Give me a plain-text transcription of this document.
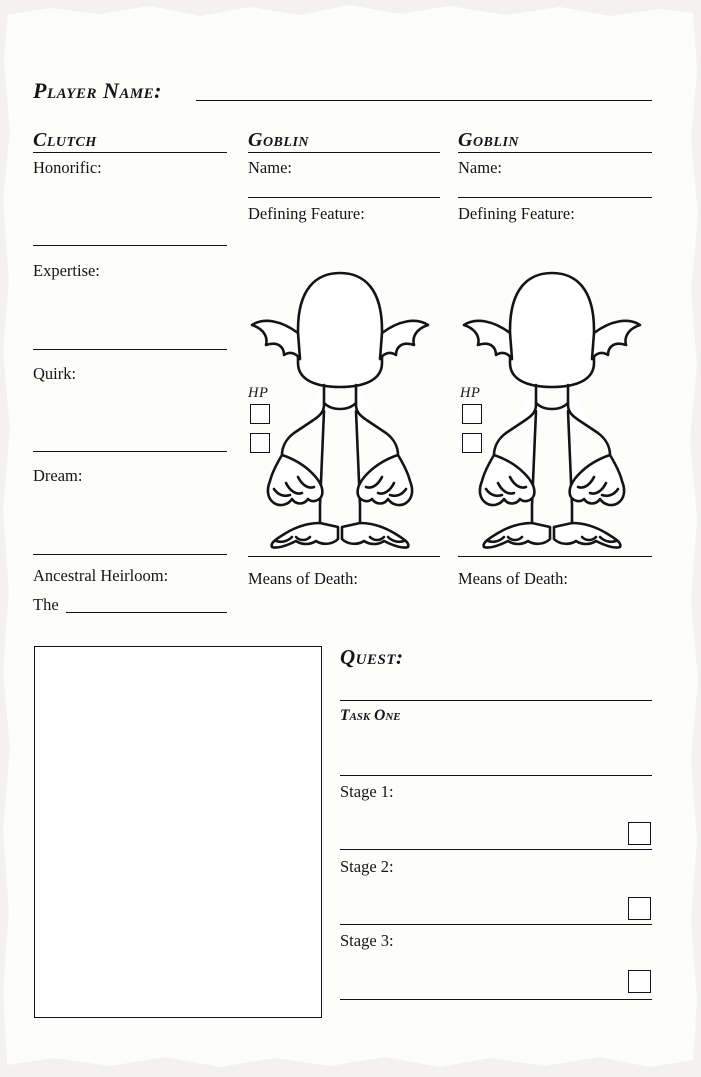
Player Name:
Clutch	Goblin	Goblin
Honorific:
Expertise:
Quirk:
Dream:
Ancestral Heirloom:
The
Name:
Defining Feature:
Means of Death:
HP
Name:
Defining Feature:
Means of Death:
HP
Quest:
Task One
Stage 1:
Stage 2:
Stage 3:
